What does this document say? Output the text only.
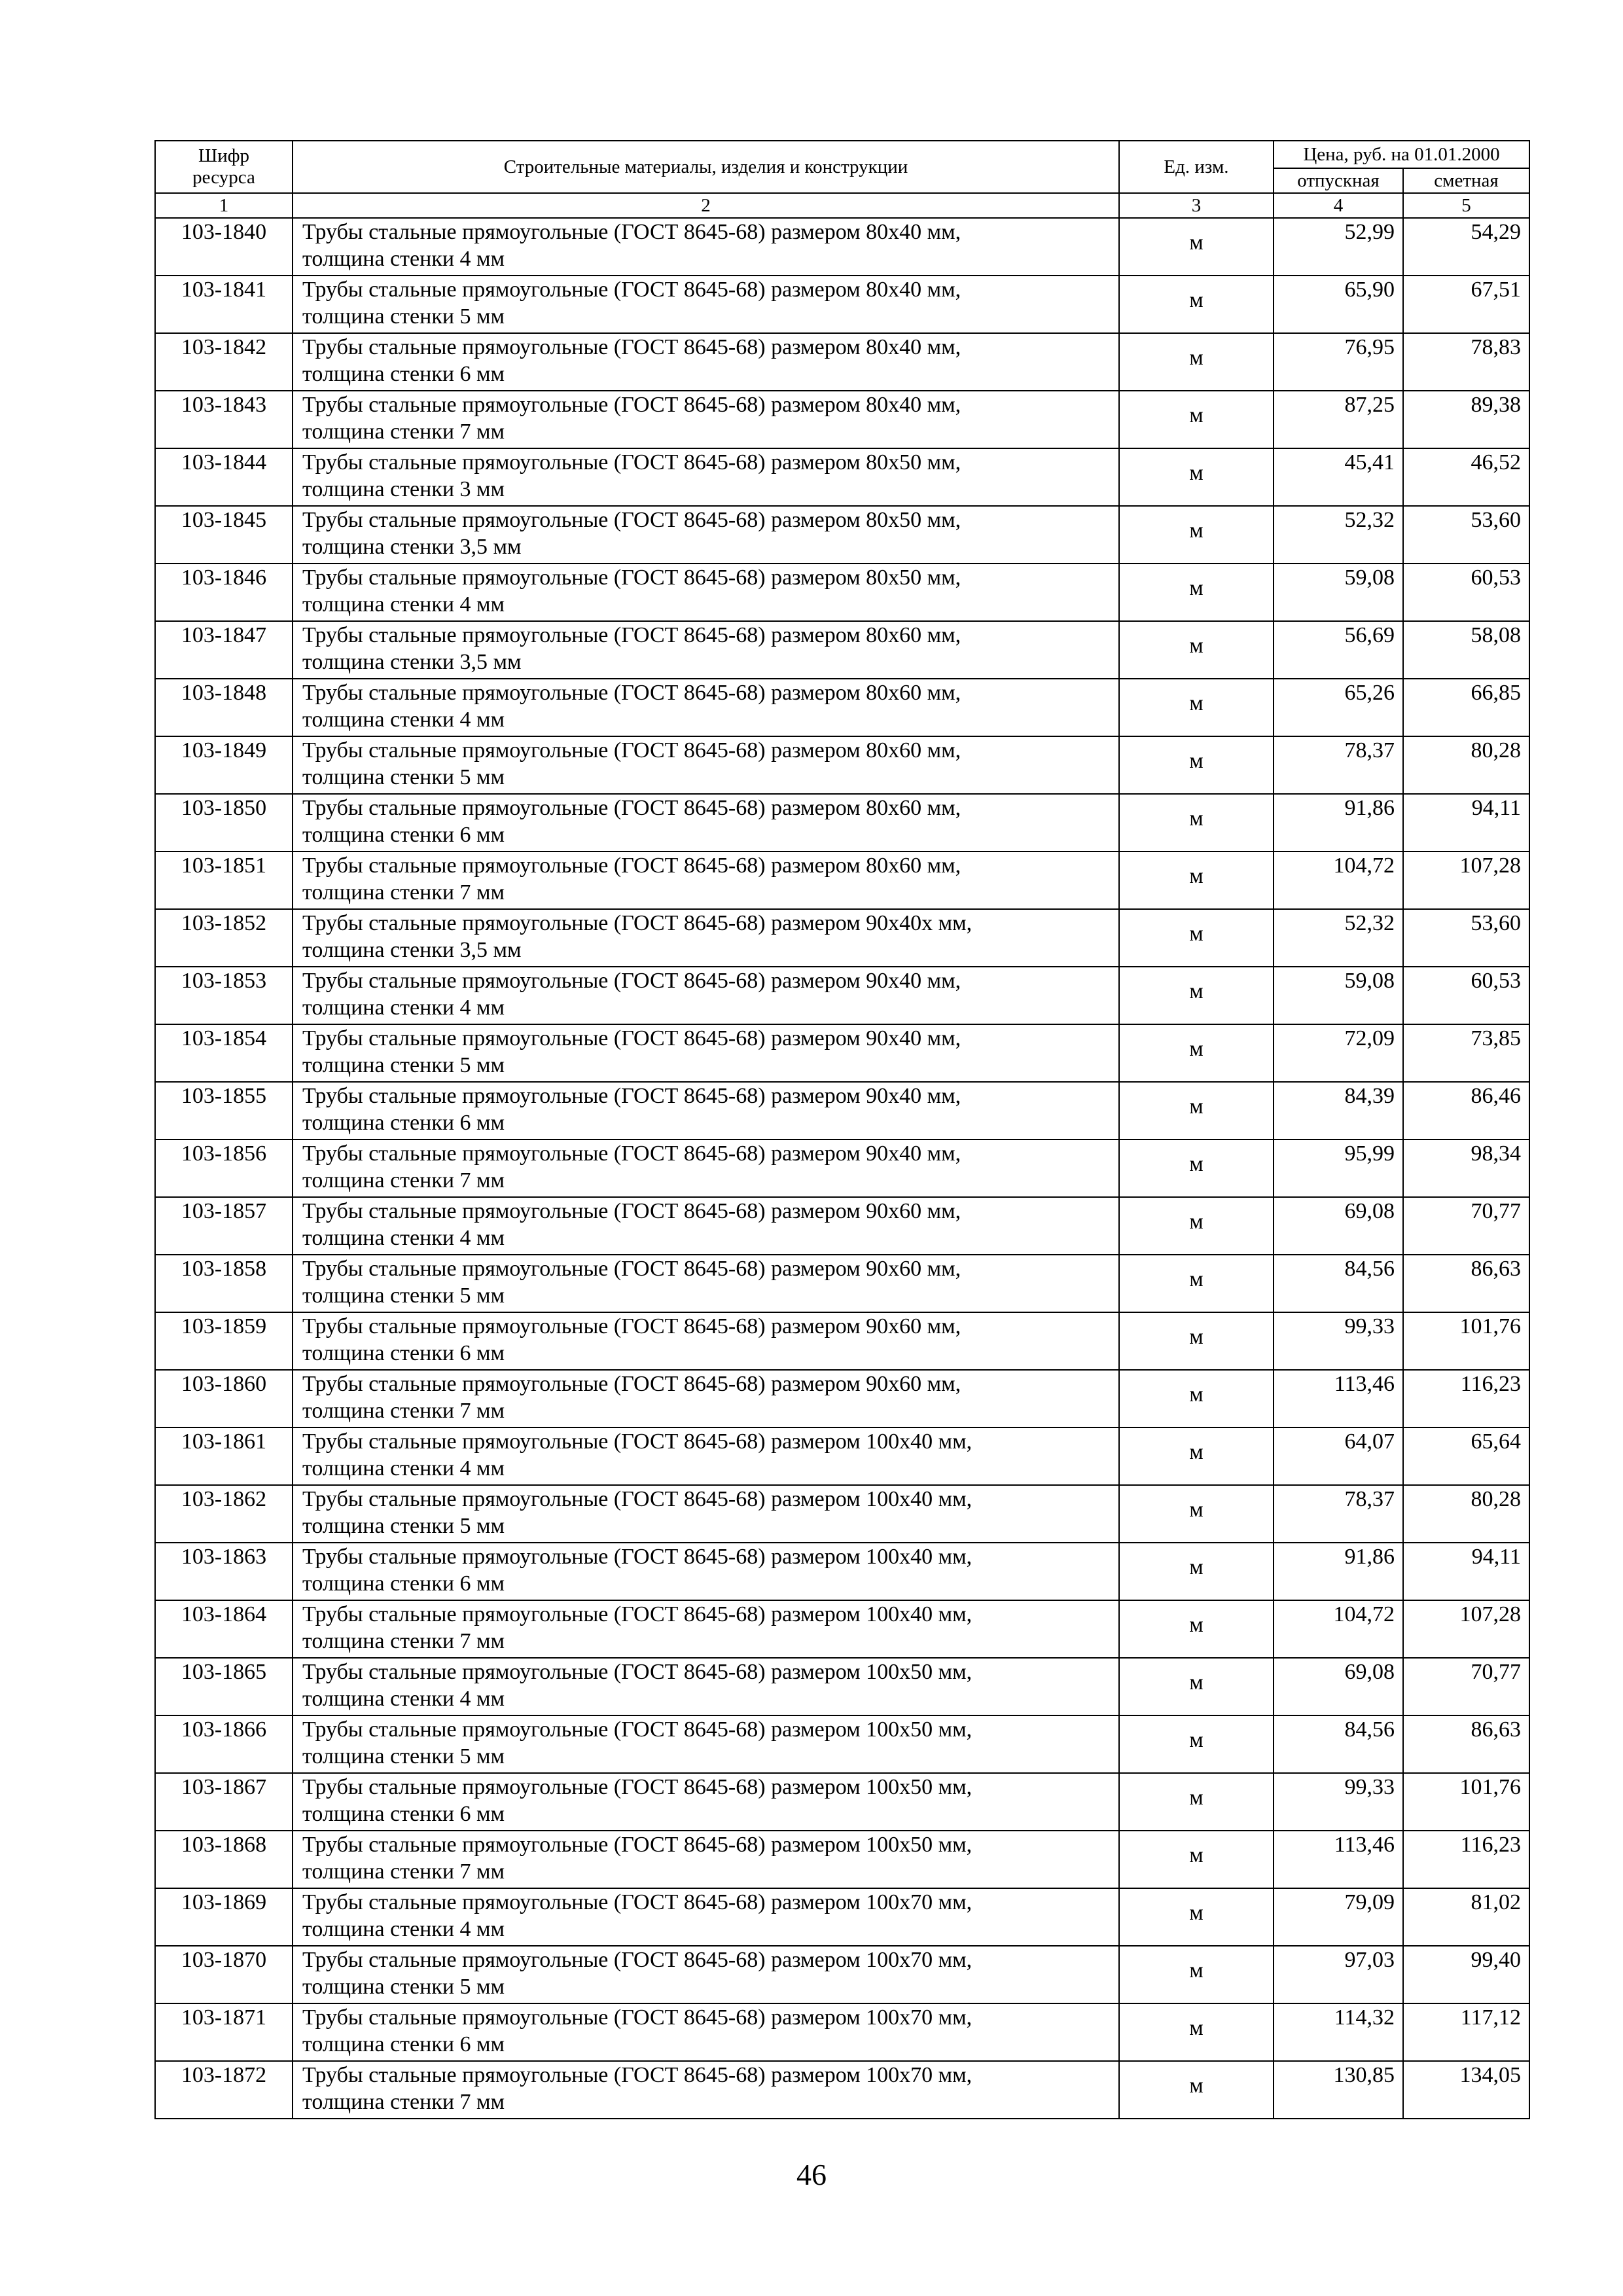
Шифр ресурса	Строительные материалы, изделия и конструкции	Ед. изм.	Цена, руб. на 01.01.2000	
			отпускная	сметная
1	2	3	4	5
103-1840	Трубы стальные прямоугольные (ГОСТ 8645-68) размером 80х40 мм,
толщина стенки 4 мм	м	52,99	54,29
103-1841	Трубы стальные прямоугольные (ГОСТ 8645-68) размером 80х40 мм,
толщина стенки 5 мм	м	65,90	67,51
103-1842	Трубы стальные прямоугольные (ГОСТ 8645-68) размером 80х40 мм,
толщина стенки 6 мм	м	76,95	78,83
103-1843	Трубы стальные прямоугольные (ГОСТ 8645-68) размером 80х40 мм,
толщина стенки 7 мм	м	87,25	89,38
103-1844	Трубы стальные прямоугольные (ГОСТ 8645-68) размером 80х50 мм,
толщина стенки 3 мм	м	45,41	46,52
103-1845	Трубы стальные прямоугольные (ГОСТ 8645-68) размером 80х50 мм,
толщина стенки 3,5 мм	м	52,32	53,60
103-1846	Трубы стальные прямоугольные (ГОСТ 8645-68) размером 80х50 мм,
толщина стенки 4 мм	м	59,08	60,53
103-1847	Трубы стальные прямоугольные (ГОСТ 8645-68) размером 80х60 мм,
толщина стенки 3,5 мм	м	56,69	58,08
103-1848	Трубы стальные прямоугольные (ГОСТ 8645-68) размером 80х60 мм,
толщина стенки 4 мм	м	65,26	66,85
103-1849	Трубы стальные прямоугольные (ГОСТ 8645-68) размером 80х60 мм,
толщина стенки 5 мм	м	78,37	80,28
103-1850	Трубы стальные прямоугольные (ГОСТ 8645-68) размером 80х60 мм,
толщина стенки 6 мм	м	91,86	94,11
103-1851	Трубы стальные прямоугольные (ГОСТ 8645-68) размером 80х60 мм,
толщина стенки 7 мм	м	104,72	107,28
103-1852	Трубы стальные прямоугольные (ГОСТ 8645-68) размером 90х40х мм,
толщина стенки 3,5 мм	м	52,32	53,60
103-1853	Трубы стальные прямоугольные (ГОСТ 8645-68) размером 90х40 мм,
толщина стенки 4 мм	м	59,08	60,53
103-1854	Трубы стальные прямоугольные (ГОСТ 8645-68) размером 90х40 мм,
толщина стенки 5 мм	м	72,09	73,85
103-1855	Трубы стальные прямоугольные (ГОСТ 8645-68) размером 90х40 мм,
толщина стенки 6 мм	м	84,39	86,46
103-1856	Трубы стальные прямоугольные (ГОСТ 8645-68) размером 90х40 мм,
толщина стенки 7 мм	м	95,99	98,34
103-1857	Трубы стальные прямоугольные (ГОСТ 8645-68) размером 90х60 мм,
толщина стенки 4 мм	м	69,08	70,77
103-1858	Трубы стальные прямоугольные (ГОСТ 8645-68) размером 90х60 мм,
толщина стенки 5 мм	м	84,56	86,63
103-1859	Трубы стальные прямоугольные (ГОСТ 8645-68) размером 90х60 мм,
толщина стенки 6 мм	м	99,33	101,76
103-1860	Трубы стальные прямоугольные (ГОСТ 8645-68) размером 90х60 мм,
толщина стенки 7 мм	м	113,46	116,23
103-1861	Трубы стальные прямоугольные (ГОСТ 8645-68) размером 100х40 мм,
толщина стенки 4 мм	м	64,07	65,64
103-1862	Трубы стальные прямоугольные (ГОСТ 8645-68) размером 100х40 мм,
толщина стенки 5 мм	м	78,37	80,28
103-1863	Трубы стальные прямоугольные (ГОСТ 8645-68) размером 100х40 мм,
толщина стенки 6 мм	м	91,86	94,11
103-1864	Трубы стальные прямоугольные (ГОСТ 8645-68) размером 100х40 мм,
толщина стенки 7 мм	м	104,72	107,28
103-1865	Трубы стальные прямоугольные (ГОСТ 8645-68) размером 100х50 мм,
толщина стенки 4 мм	м	69,08	70,77
103-1866	Трубы стальные прямоугольные (ГОСТ 8645-68) размером 100х50 мм,
толщина стенки 5 мм	м	84,56	86,63
103-1867	Трубы стальные прямоугольные (ГОСТ 8645-68) размером 100х50 мм,
толщина стенки 6 мм	м	99,33	101,76
103-1868	Трубы стальные прямоугольные (ГОСТ 8645-68) размером 100х50 мм,
толщина стенки 7 мм	м	113,46	116,23
103-1869	Трубы стальные прямоугольные (ГОСТ 8645-68) размером 100х70 мм,
толщина стенки 4 мм	м	79,09	81,02
103-1870	Трубы стальные прямоугольные (ГОСТ 8645-68) размером 100х70 мм,
толщина стенки 5 мм	м	97,03	99,40
103-1871	Трубы стальные прямоугольные (ГОСТ 8645-68) размером 100х70 мм,
толщина стенки 6 мм	м	114,32	117,12
103-1872	Трубы стальные прямоугольные (ГОСТ 8645-68) размером 100х70 мм,
толщина стенки 7 мм	м	130,85	134,05
46
